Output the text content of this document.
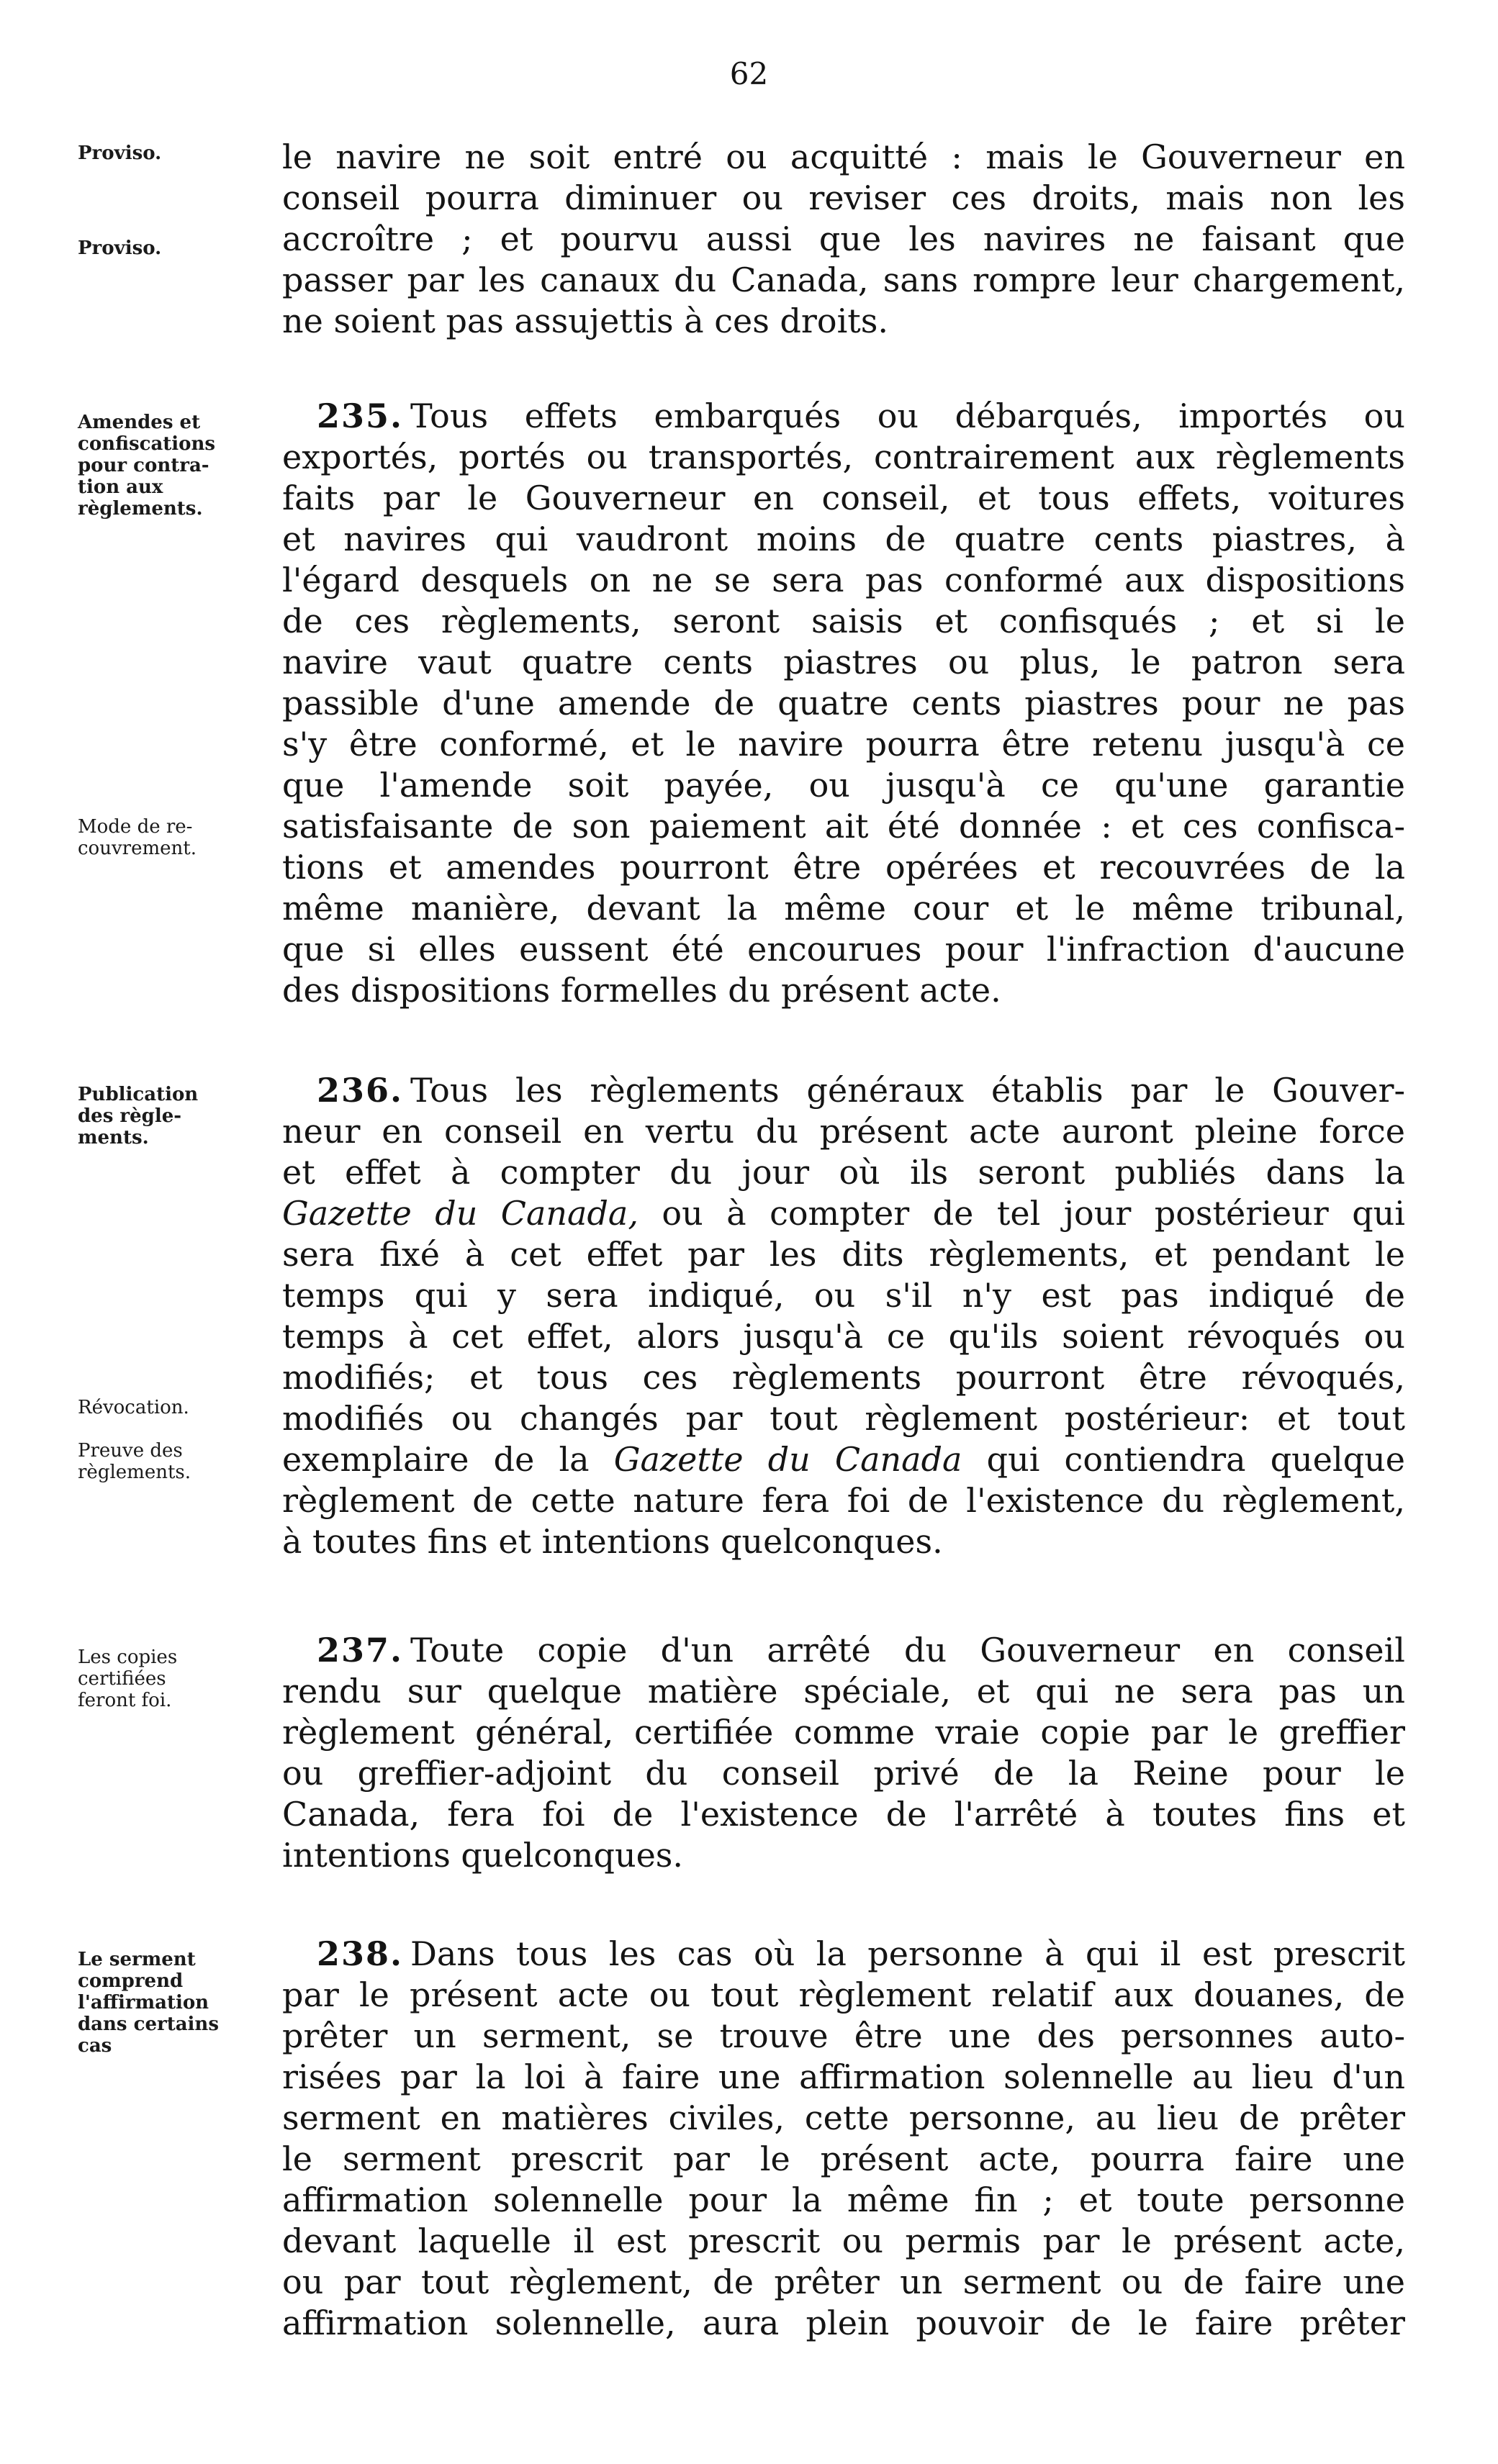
62
Proviso.
Proviso.
Amendes et
confiscations
pour contra-
tion aux
règlements.
Mode de re-
couvrement.
Publication
des règle-
ments.
Révocation.
Preuve des
règlements.
Les copies
certifiées
feront foi.
Le serment
comprend
l'affirmation
dans certains
cas
le navire ne soit entré ou acquitté : mais le Gouverneur en
conseil pourra diminuer ou reviser ces droits, mais non les
accroître ; et pourvu aussi que les navires ne faisant que
passer par les canaux du Canada, sans rompre leur chargement,
ne soient pas assujettis à ces droits.
235. Tous effets embarqués ou débarqués, importés ou
exportés, portés ou transportés, contrairement aux règlements
faits par le Gouverneur en conseil, et tous effets, voitures
et navires qui vaudront moins de quatre cents piastres, à
l'égard desquels on ne se sera pas conformé aux dispositions
de ces règlements, seront saisis et confisqués ; et si le
navire vaut quatre cents piastres ou plus, le patron sera
passible d'une amende de quatre cents piastres pour ne pas
s'y être conformé, et le navire pourra être retenu jusqu'à ce
que l'amende soit payée, ou jusqu'à ce qu'une garantie
satisfaisante de son paiement ait été donnée : et ces confisca-
tions et amendes pourront être opérées et recouvrées de la
même manière, devant la même cour et le même tribunal,
que si elles eussent été encourues pour l'infraction d'aucune
des dispositions formelles du présent acte.
236. Tous les règlements généraux établis par le Gouver-
neur en conseil en vertu du présent acte auront pleine force
et effet à compter du jour où ils seront publiés dans la
Gazette du Canada, ou à compter de tel jour postérieur qui
sera fixé à cet effet par les dits règlements, et pendant le
temps qui y sera indiqué, ou s'il n'y est pas indiqué de
temps à cet effet, alors jusqu'à ce qu'ils soient révoqués ou
modifiés; et tous ces règlements pourront être révoqués,
modifiés ou changés par tout règlement postérieur: et tout
exemplaire de la Gazette du Canada qui contiendra quelque
règlement de cette nature fera foi de l'existence du règlement,
à toutes fins et intentions quelconques.
237. Toute copie d'un arrêté du Gouverneur en conseil
rendu sur quelque matière spéciale, et qui ne sera pas un
règlement général, certifiée comme vraie copie par le greffier
ou greffier-adjoint du conseil privé de la Reine pour le
Canada, fera foi de l'existence de l'arrêté à toutes fins et
intentions quelconques.
238. Dans tous les cas où la personne à qui il est prescrit
par le présent acte ou tout règlement relatif aux douanes, de
prêter un serment, se trouve être une des personnes auto-
risées par la loi à faire une affirmation solennelle au lieu d'un
serment en matières civiles, cette personne, au lieu de prêter
le serment prescrit par le présent acte, pourra faire une
affirmation solennelle pour la même fin ; et toute personne
devant laquelle il est prescrit ou permis par le présent acte,
ou par tout règlement, de prêter un serment ou de faire une
affirmation solennelle, aura plein pouvoir de le faire prêter
